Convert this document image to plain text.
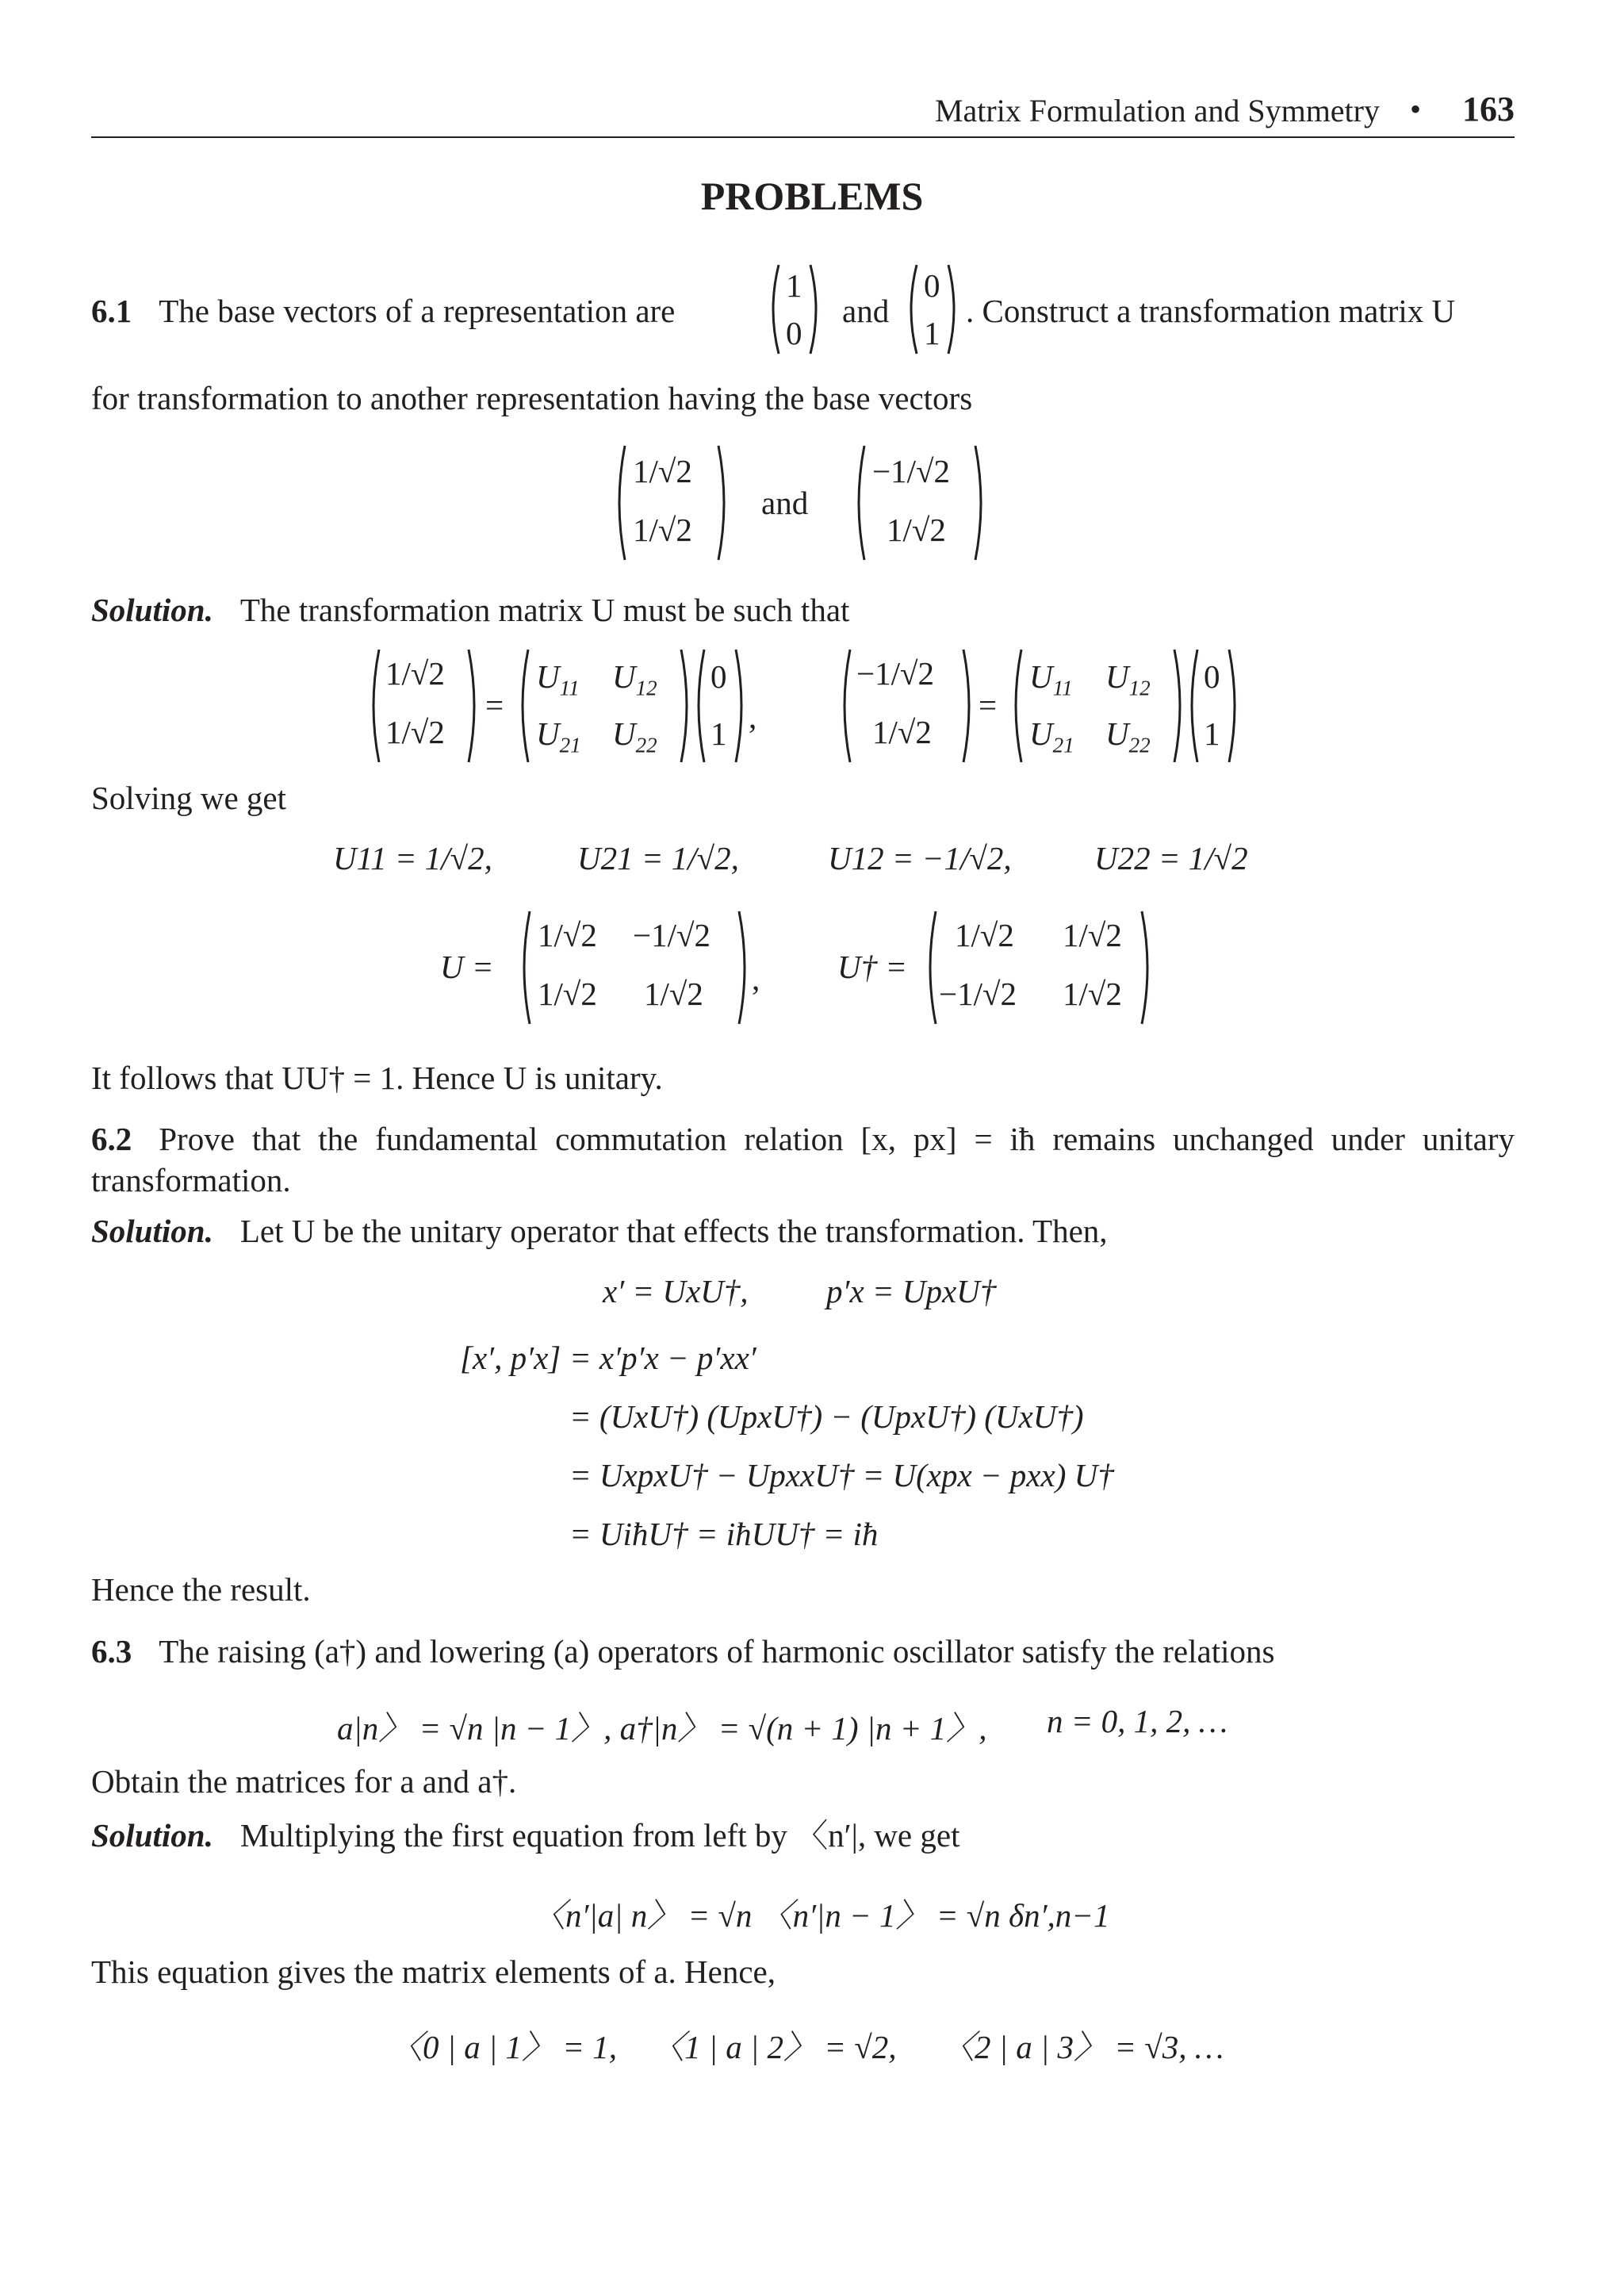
Matrix Formulation and Symmetry • 163
PROBLEMS
6.1 The base vectors of a representation are
1
0
and
0
1
. Construct a transformation matrix U
for transformation to another representation having the base vectors
1/√2
1/√2
and
−1/√2
1/√2
Solution. The transformation matrix U must be such that
1/√2
1/√2
=
$U_{11}$ $U_{12}$
$U_{21}$ $U_{22}$
0
1 ,
−1/√2
1/√2
=
$U_{11}$ $U_{12}$
$U_{21}$ $U_{22}$
0
1
Solving we get
U11 = 1/√2,	U21 = 1/√2,	U12 = −1/√2,	U22 = 1/√2
U =
1/√2 −1/√2
1/√2 1/√2 , U† =
1/√2 1/√2
−1/√2 1/√2
It follows that UU† = 1. Hence U is unitary.
6.2 Prove that the fundamental commutation relation [x, px] = iħ remains unchanged under unitary transformation.
Solution. Let U be the unitary operator that effects the transformation. Then,
x′ = UxU†, p′x = UpxU†
[x′, p′x] = x′p′x − p′xx′
= (UxU†) (UpxU†) − (UpxU†) (UxU†)
= UxpxU† − UpxxU† = U(xpx − pxx) U†
= UiħU† = iħUU† = iħ
Hence the result.
6.3 The raising (a†) and lowering (a) operators of harmonic oscillator satisfy the relations
a|n〉 = √n |n − 1〉, a†|n〉 = √(n + 1) |n + 1〉, n = 0, 1, 2, …
Obtain the matrices for a and a†.
Solution. Multiplying the first equation from left by 〈n′|, we get
〈n′|a| n〉 = √n 〈n′|n − 1〉 = √n δn′,n−1
This equation gives the matrix elements of a. Hence,
〈0 | a | 1〉 = 1, 〈1 | a | 2〉 = √2, 〈2 | a | 3〉 = √3, …
